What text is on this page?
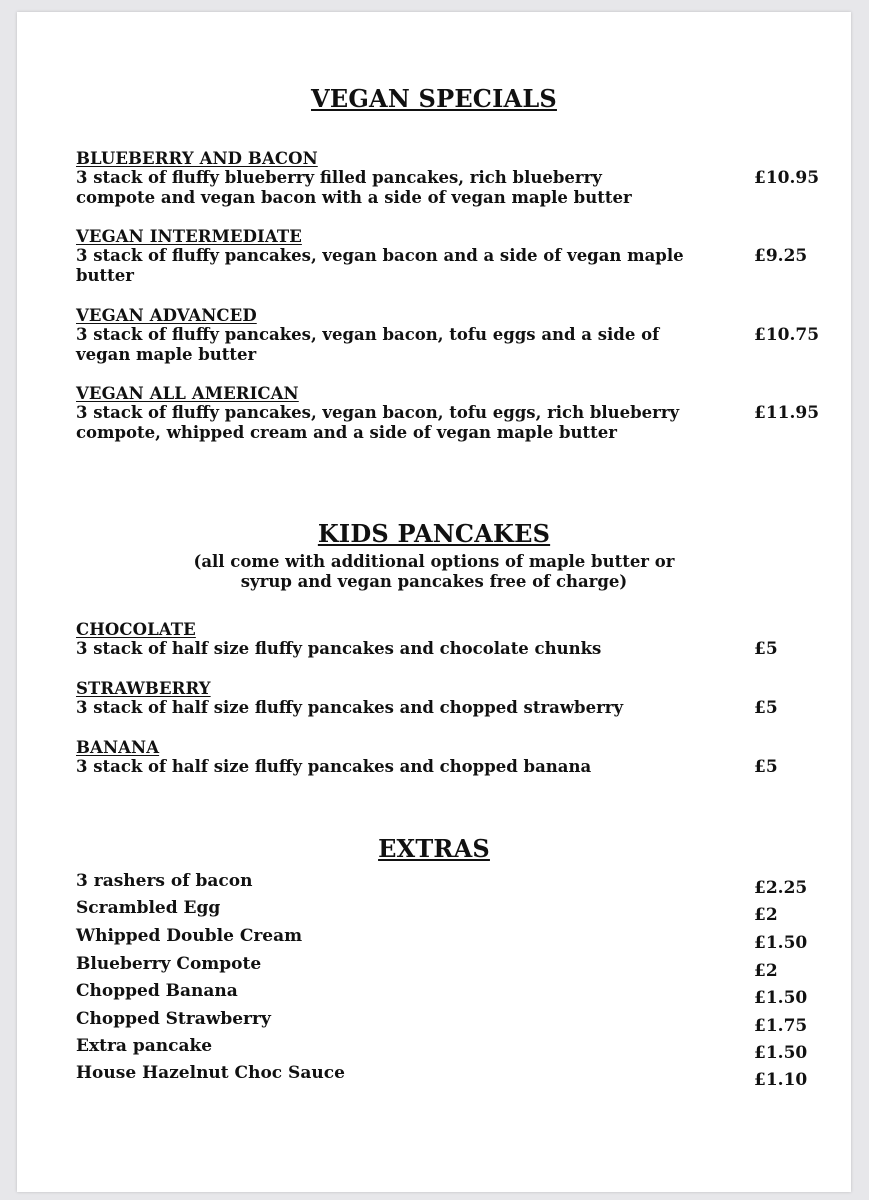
VEGAN SPECIALS
BLUEBERRY AND BACON
3 stack of fluffy blueberry filled pancakes, rich blueberry compote and vegan bacon with a side of vegan maple butter
£10.95
VEGAN INTERMEDIATE
3 stack of fluffy pancakes, vegan bacon and a side of vegan maple butter
£9.25
VEGAN ADVANCED
3 stack of fluffy pancakes, vegan bacon, tofu eggs and a side of vegan maple butter
£10.75
VEGAN ALL AMERICAN
3 stack of fluffy pancakes, vegan bacon, tofu eggs, rich blueberry compote, whipped cream and a side of vegan maple butter
£11.95
KIDS PANCAKES
(all come with additional options of maple butter or
syrup and vegan pancakes free of charge)
CHOCOLATE
3 stack of half size fluffy pancakes and chocolate chunks	£5
STRAWBERRY
3 stack of half size fluffy pancakes and chopped strawberry	£5
BANANA
3 stack of half size fluffy pancakes and chopped banana	£5
EXTRAS
3 rashers of bacon	£2.25
Scrambled Egg	£2
Whipped Double Cream	£1.50
Blueberry Compote	£2
Chopped Banana	£1.50
Chopped Strawberry	£1.75
Extra pancake	£1.50
House Hazelnut Choc Sauce	£1.10
